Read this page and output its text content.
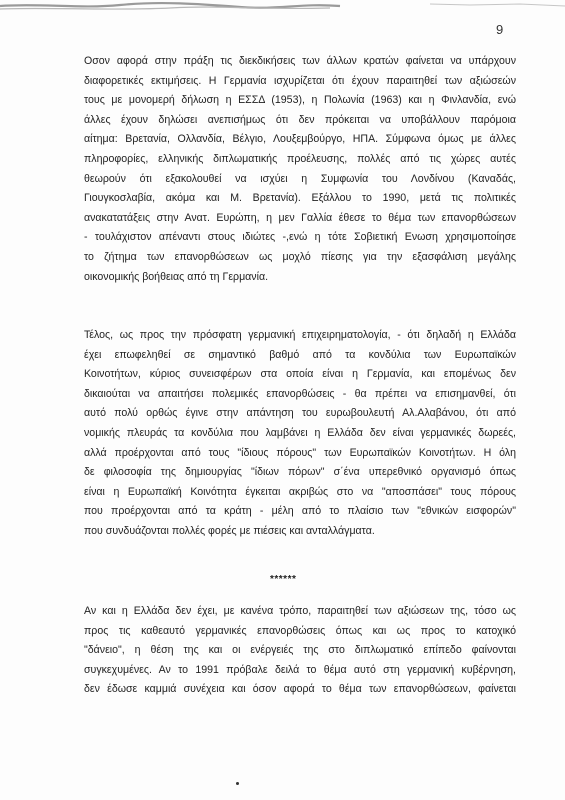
9

Οσον αφορά στην πράξη τις διεκδικήσεις των άλλων κρατών φαίνεται να υπάρχουν
διαφορετικές εκτιμήσεις. Η Γερμανία ισχυρίζεται ότι έχουν παραιτηθεί των αξιώσεών
τους με μονομερή δήλωση η ΕΣΣΔ (1953), η Πολωνία (1963) και η Φινλανδία, ενώ
άλλες έχουν δηλώσει ανεπισήμως ότι δεν πρόκειται να υποβάλλουν παρόμοια
αίτημα: Βρετανία, Ολλανδία, Βέλγιο, Λουξεμβούργο, ΗΠΑ. Σύμφωνα όμως με άλλες
πληροφορίες, ελληνικής διπλωματικής προέλευσης, πολλές από τις χώρες αυτές
θεωρούν ότι εξακολουθεί να ισχύει η Συμφωνία του Λονδίνου (Καναδάς,
Γιουγκοσλαβία, ακόμα και Μ. Βρετανία). Εξάλλου το 1990, μετά τις πολιτικές
ανακατατάξεις στην Ανατ. Ευρώπη, η μεν Γαλλία έθεσε το θέμα των επανορθώσεων
- τουλάχιστον απέναντι στους ιδιώτες -,ενώ η τότε Σοβιετική Ενωση χρησιμοποίησε
το ζήτημα των επανορθώσεων ως μοχλό πίεσης για την εξασφάλιση μεγάλης
οικονομικής βοήθειας από τη Γερμανία.

Τέλος, ως προς την πρόσφατη γερμανική επιχειρηματολογία, - ότι δηλαδή η Ελλάδα
έχει επωφεληθεί σε σημαντικό βαθμό από τα κονδύλια των Ευρωπαϊκών
Κοινοτήτων, κύριος συνεισφέρων στα οποία είναι η Γερμανία, και επομένως δεν
δικαιούται να απαιτήσει πολεμικές επανορθώσεις - θα πρέπει να επισημανθεί, ότι
αυτό πολύ ορθώς έγινε στην απάντηση του ευρωβουλευτή Αλ.Αλαβάνου, ότι από
νομικής πλευράς τα κονδύλια που λαμβάνει η Ελλάδα δεν είναι γερμανικές δωρεές,
αλλά προέρχονται από τους "ίδιους πόρους" των Ευρωπαϊκών Κοινοτήτων. Η όλη
δε φιλοσοφία της δημιουργίας "ίδιων πόρων" σ΄ένα υπερεθνικό οργανισμό όπως
είναι η Ευρωπαϊκή Κοινότητα έγκειται ακριβώς στο να "αποσπάσει" τους πόρους
που προέρχονται από τα κράτη - μέλη από το πλαίσιο των "εθνικών εισφορών"
που συνδυάζονται πολλές φορές με πιέσεις και ανταλλάγματα.

******

Αν και η Ελλάδα δεν έχει, με κανένα τρόπο, παραιτηθεί των αξιώσεων της, τόσο ως
προς τις καθεαυτό γερμανικές επανορθώσεις όπως και ως προς το κατοχικό
"δάνειο", η θέση της και οι ενέργειές της στο διπλωματικό επίπεδο φαίνονται
συγκεχυμένες. Αν το 1991 πρόβαλε δειλά το θέμα αυτό στη γερμανική κυβέρνηση,
δεν έδωσε καμμιά συνέχεια και όσον αφορά το θέμα των επανορθώσεων, φαίνεται
